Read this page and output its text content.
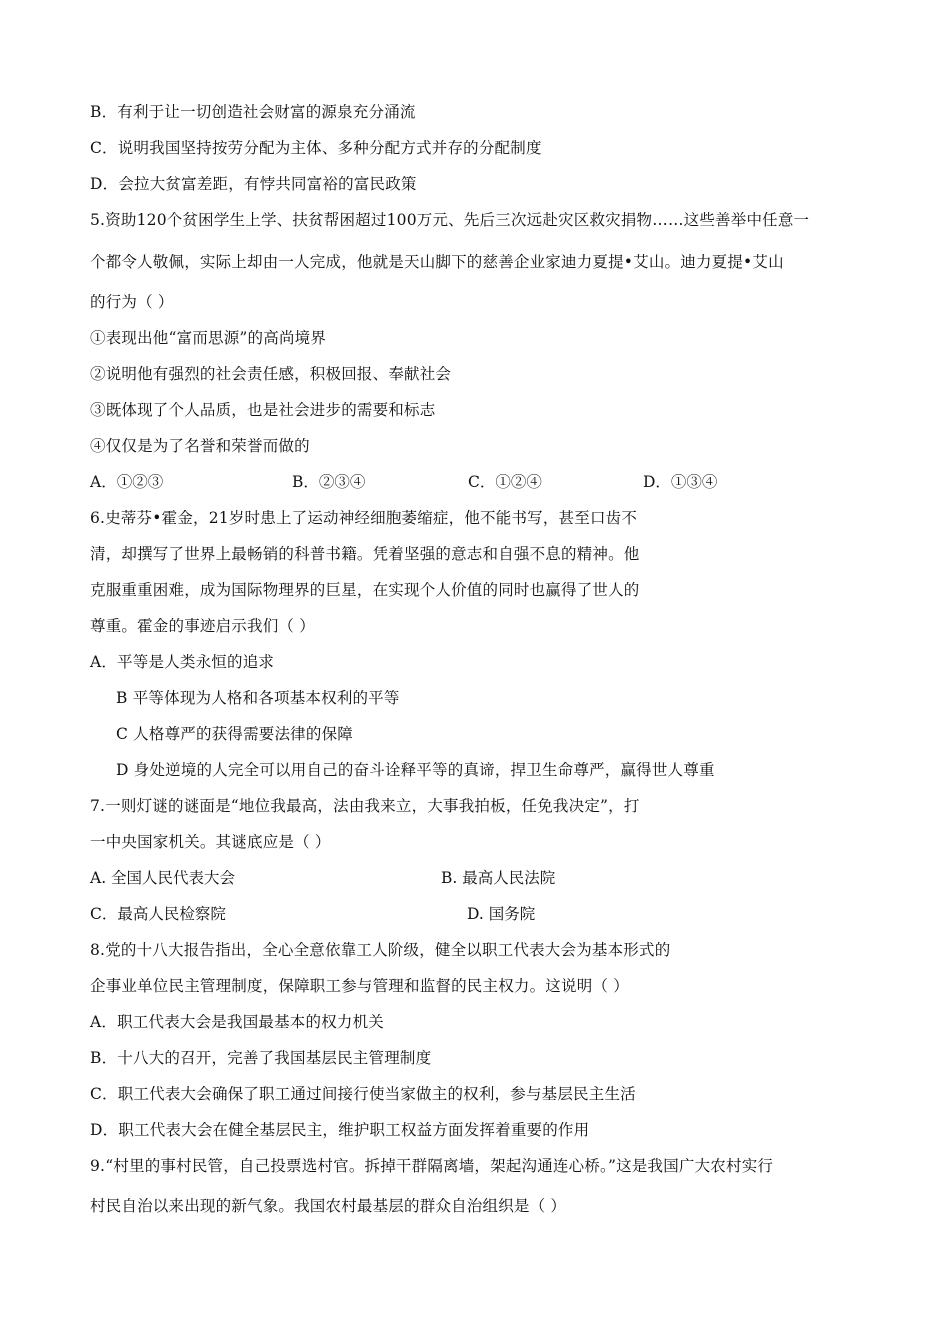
B．有利于让一切创造社会财富的源泉充分涌流
C．说明我国坚持按劳分配为主体、多种分配方式并存的分配制度
D．会拉大贫富差距，有悖共同富裕的富民政策
5.资助120个贫困学生上学、扶贫帮困超过100万元、先后三次远赴灾区救灾捐物……这些善举中任意一
个都令人敬佩，实际上却由一人完成，他就是天山脚下的慈善企业家迪力夏提•艾山。迪力夏提•艾山
的行为（ ）
①表现出他“富而思源”的高尚境界
②说明他有强烈的社会责任感，积极回报、奉献社会
③既体现了个人品质，也是社会进步的需要和标志
④仅仅是为了名誉和荣誉而做的
A．①②③	B．②③④	C．①②④	D．①③④
6.史蒂芬•霍金，21岁时患上了运动神经细胞萎缩症，他不能书写，甚至口齿不
清，却撰写了世界上最畅销的科普书籍。凭着坚强的意志和自强不息的精神。他
克服重重困难，成为国际物理界的巨星，在实现个人价值的同时也赢得了世人的
尊重。霍金的事迹启示我们（ ）
A．平等是人类永恒的追求
B 平等体现为人格和各项基本权利的平等
C 人格尊严的获得需要法律的保障
D 身处逆境的人完全可以用自己的奋斗诠释平等的真谛，捍卫生命尊严，赢得世人尊重
7.一则灯谜的谜面是“地位我最高，法由我来立，大事我拍板，任免我决定”，打
一中央国家机关。其谜底应是（ ）
A. 全国人民代表大会	B. 最高人民法院
C．最高人民检察院	D. 国务院
8.党的十八大报告指出，全心全意依靠工人阶级，健全以职工代表大会为基本形式的
企事业单位民主管理制度，保障职工参与管理和监督的民主权力。这说明（ ）
A．职工代表大会是我国最基本的权力机关
B．十八大的召开，完善了我国基层民主管理制度
C．职工代表大会确保了职工通过间接行使当家做主的权利，参与基层民主生活
D．职工代表大会在健全基层民主，维护职工权益方面发挥着重要的作用
9.“村里的事村民管，自己投票选村官。拆掉干群隔离墙，架起沟通连心桥。”这是我国广大农村实行
村民自治以来出现的新气象。我国农村最基层的群众自治组织是（ ）
